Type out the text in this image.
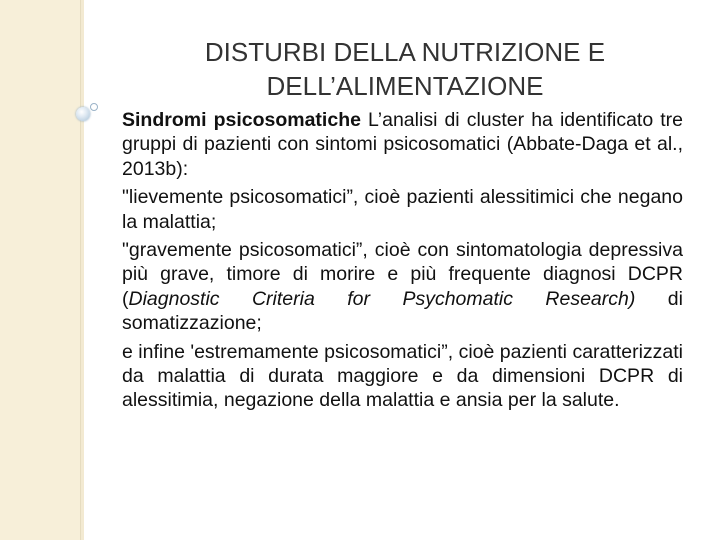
DISTURBI DELLA NUTRIZIONE E
DELL’ALIMENTAZIONE

Sindromi psicosomatiche L’analisi di cluster ha identificato tre gruppi di pazienti con sintomi psicosomatici (Abbate-Daga et al., 2013b):

"lievemente psicosomatici”, cioè pazienti alessitimici che negano la malattia;

"gravemente psicosomatici”, cioè con sintomatologia depressiva più grave, timore di morire e più frequente diagnosi DCPR (Diagnostic Criteria for Psychomatic Research) di somatizzazione;

e infine 'estremamente psicosomatici”, cioè pazienti caratterizzati da malattia di durata maggiore e da dimensioni DCPR di alessitimia, negazione della malattia e ansia per la salute.
